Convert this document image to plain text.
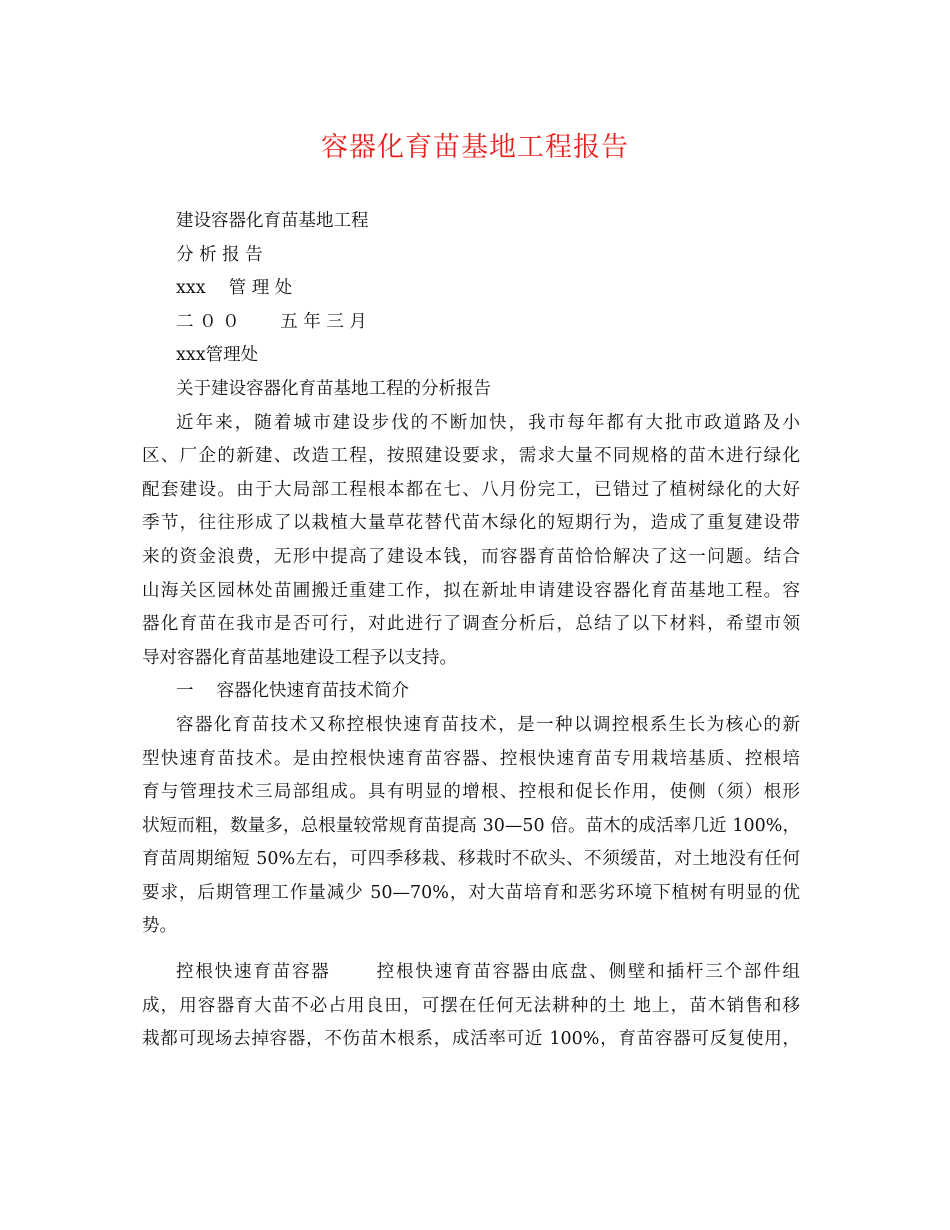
容器化育苗基地工程报告
建设容器化育苗基地工程
分 析 报 告
xxx　 管 理 处
二 ０ ０　　 五 年 三 月
xxx管理处
关于建设容器化育苗基地工程的分析报告
近年来，随着城市建设步伐的不断加快，我市每年都有大批市政道路及小
区、厂企的新建、改造工程，按照建设要求，需求大量不同规格的苗木进行绿化
配套建设。由于大局部工程根本都在七、八月份完工，已错过了植树绿化的大好
季节，往往形成了以栽植大量草花替代苗木绿化的短期行为，造成了重复建设带
来的资金浪费，无形中提高了建设本钱，而容器育苗恰恰解决了这一问题。结合
山海关区园林处苗圃搬迁重建工作，拟在新址申请建设容器化育苗基地工程。容
器化育苗在我市是否可行，对此进行了调查分析后，总结了以下材料，希望市领
导对容器化育苗基地建设工程予以支持。
一　 容器化快速育苗技术简介
容器化育苗技术又称控根快速育苗技术，是一种以调控根系生长为核心的新
型快速育苗技术。是由控根快速育苗容器、控根快速育苗专用栽培基质、控根培
育与管理技术三局部组成。具有明显的增根、控根和促长作用，使侧（须）根形
状短而粗，数量多，总根量较常规育苗提高 30—50 倍。苗木的成活率几近 100%，
育苗周期缩短 50%左右，可四季移栽、移栽时不砍头、不须缓苗，对土地没有任何
要求，后期管理工作量减少 50—70%，对大苗培育和恶劣环境下植树有明显的优
势。
控根快速育苗容器　　 控根快速育苗容器由底盘、侧壁和插杆三个部件组
成，用容器育大苗不必占用良田，可摆在任何无法耕种的土 地上，苗木销售和移
栽都可现场去掉容器，不伤苗木根系，成活率可近 100%，育苗容器可反复使用，
